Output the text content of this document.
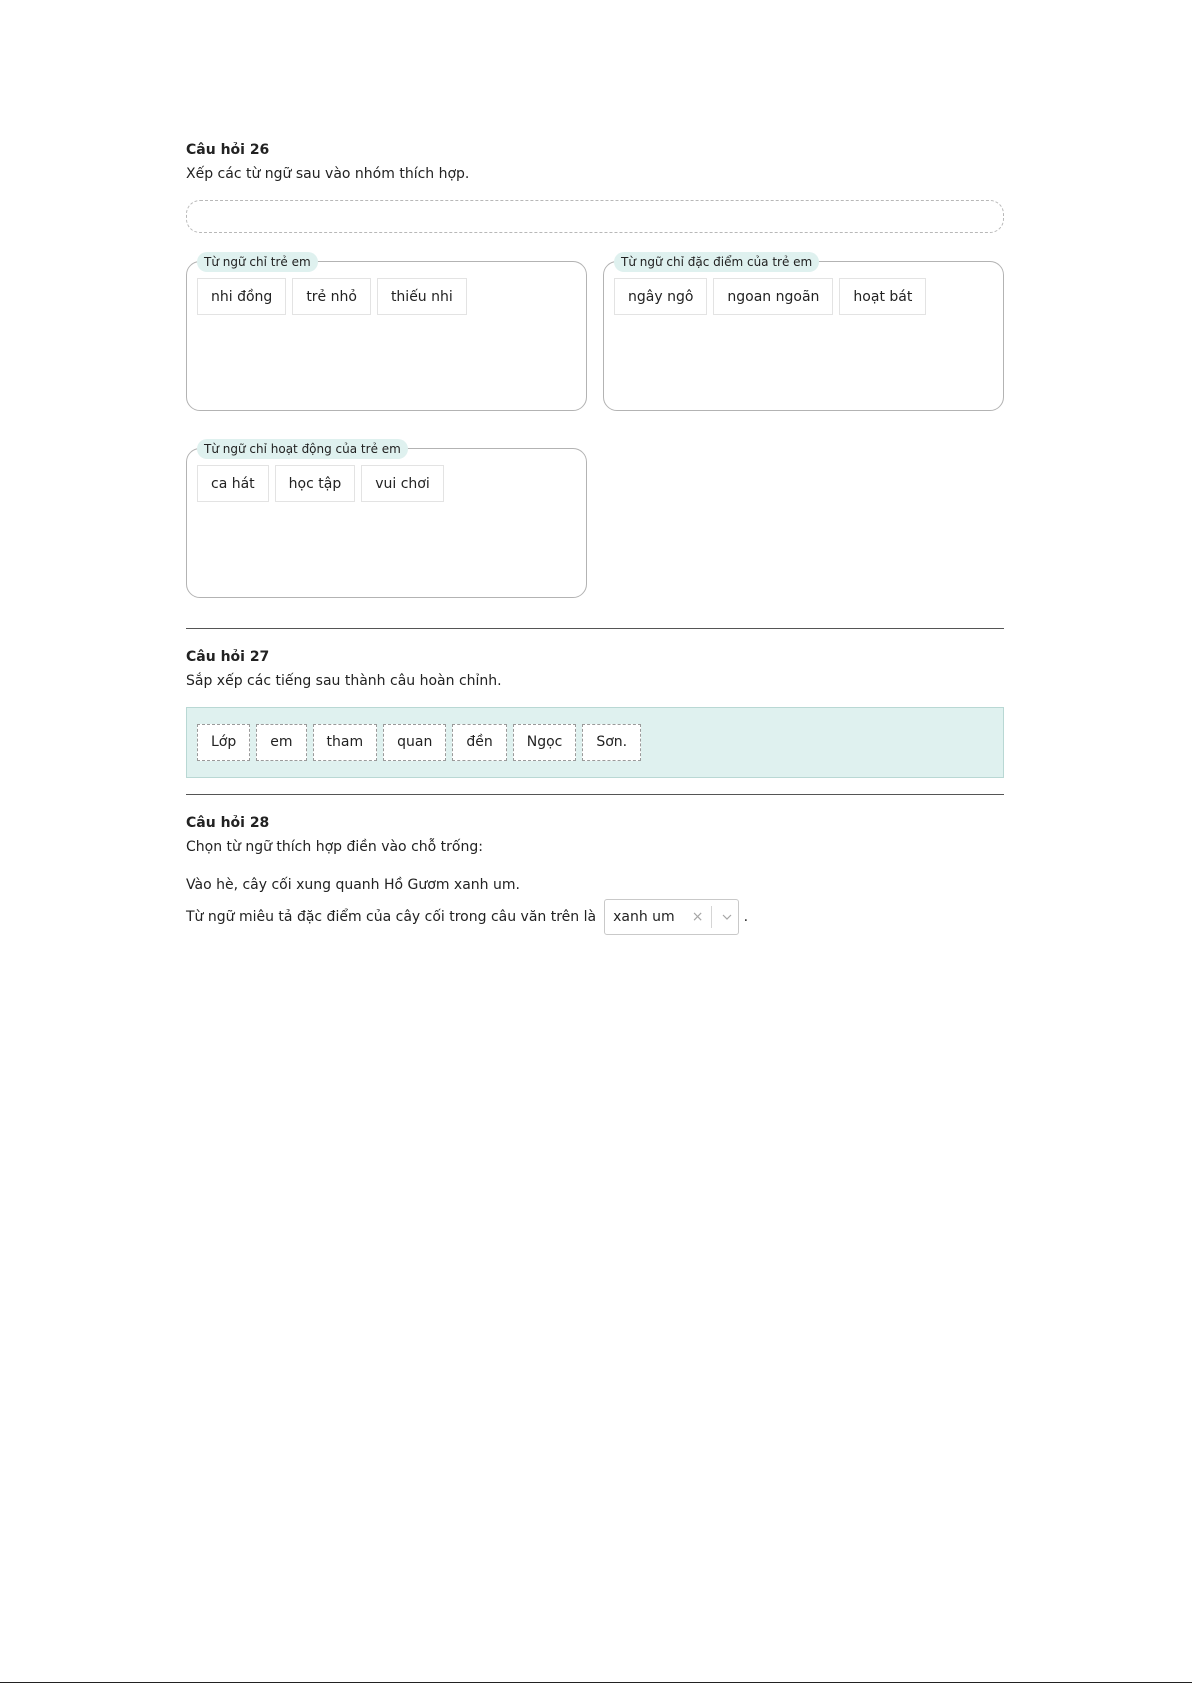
Câu hỏi 26

Xếp các từ ngữ sau vào nhóm thích hợp.

Từ ngữ chỉ trẻ em
nhi đồng	trẻ nhỏ	thiếu nhi
Từ ngữ chỉ đặc điểm của trẻ em
ngây ngô	ngoan ngoãn	hoạt bát
Từ ngữ chỉ hoạt động của trẻ em
ca hát	học tập	vui chơi

Câu hỏi 27

Sắp xếp các tiếng sau thành câu hoàn chỉnh.

Lớp	em	tham	quan	đền	Ngọc	Sơn.

Câu hỏi 28

Chọn từ ngữ thích hợp điền vào chỗ trống:

Vào hè, cây cối xung quanh Hồ Gươm xanh um.

Từ ngữ miêu tả đặc điểm của cây cối trong câu văn trên là	xanh um	×	.
